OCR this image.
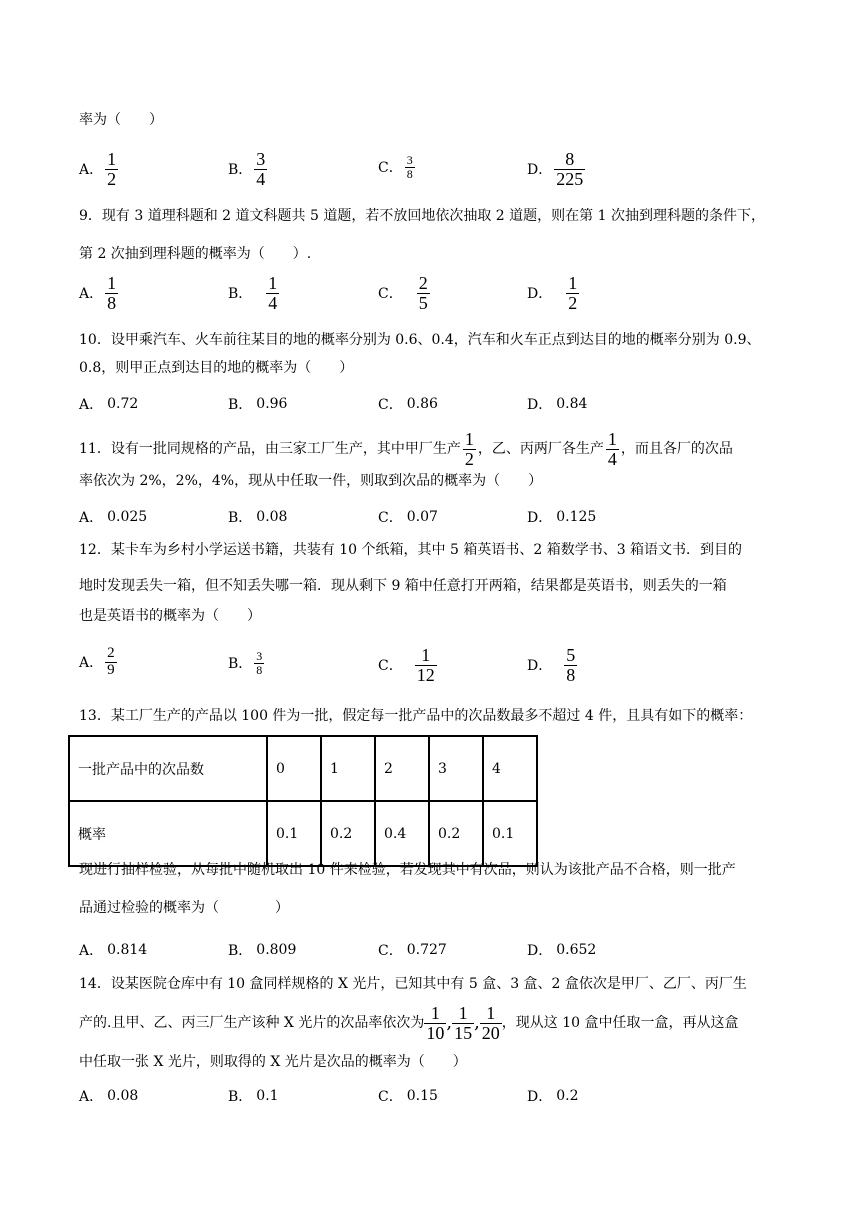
率为（　　）
A． $\frac{1}{2}$	B． $\frac{3}{4}$	C． $\frac{3}{8}$	D． $\frac{8}{225}$
9．现有 3 道理科题和 2 道文科题共 5 道题，若不放回地依次抽取 2 道题，则在第 1 次抽到理科题的条件下，
第 2 次抽到理科题的概率为（　　）.
A． $\frac{1}{8}$	B． $\frac{1}{4}$	C． $\frac{2}{5}$	D． $\frac{1}{2}$
10．设甲乘汽车、火车前往某目的地的概率分别为 0.6、0.4，汽车和火车正点到达目的地的概率分别为 0.9、
0.8，则甲正点到达目的地的概率为（　　）
A． 0.72	B． 0.96	C． 0.86	D． 0.84
11．设有一批同规格的产品，由三家工厂生产，其中甲厂生产 $\frac{1}{2}$ ，乙、丙两厂各生产 $\frac{1}{4}$ ，而且各厂的次品
率依次为 2%，2%，4%，现从中任取一件，则取到次品的概率为（　　）
A． 0.025	B． 0.08	C． 0.07	D． 0.125
12．某卡车为乡村小学运送书籍，共装有 10 个纸箱，其中 5 箱英语书、2 箱数学书、3 箱语文书．到目的
地时发现丢失一箱，但不知丢失哪一箱．现从剩下 9 箱中任意打开两箱，结果都是英语书，则丢失的一箱
也是英语书的概率为（　　）
A． $\frac{2}{9}$	B． $\frac{3}{8}$	C． $\frac{1}{12}$	D． $\frac{5}{8}$
13．某工厂生产的产品以 100 件为一批，假定每一批产品中的次品数最多不超过 4 件，且具有如下的概率：
一批产品中的次品数	0	1	2	3	4
概率	0.1	0.2	0.4	0.2	0.1
现进行抽样检验，从每批中随机取出 10 件来检验，若发现其中有次品，则认为该批产品不合格，则一批产
品通过检验的概率为（　　　　）
A． 0.814	B． 0.809	C． 0.727	D． 0.652
14．设某医院仓库中有 10 盒同样规格的 X 光片，已知其中有 5 盒、3 盒、2 盒依次是甲厂、乙厂、丙厂生
产的.且甲、乙、丙三厂生产该种 X 光片的次品率依次为 $\frac{1}{10}$ , $\frac{1}{15}$ , $\frac{1}{20}$ ，现从这 10 盒中任取一盒，再从这盒
中任取一张 X 光片，则取得的 X 光片是次品的概率为（　　）
A． 0.08	B． 0.1	C． 0.15	D． 0.2
